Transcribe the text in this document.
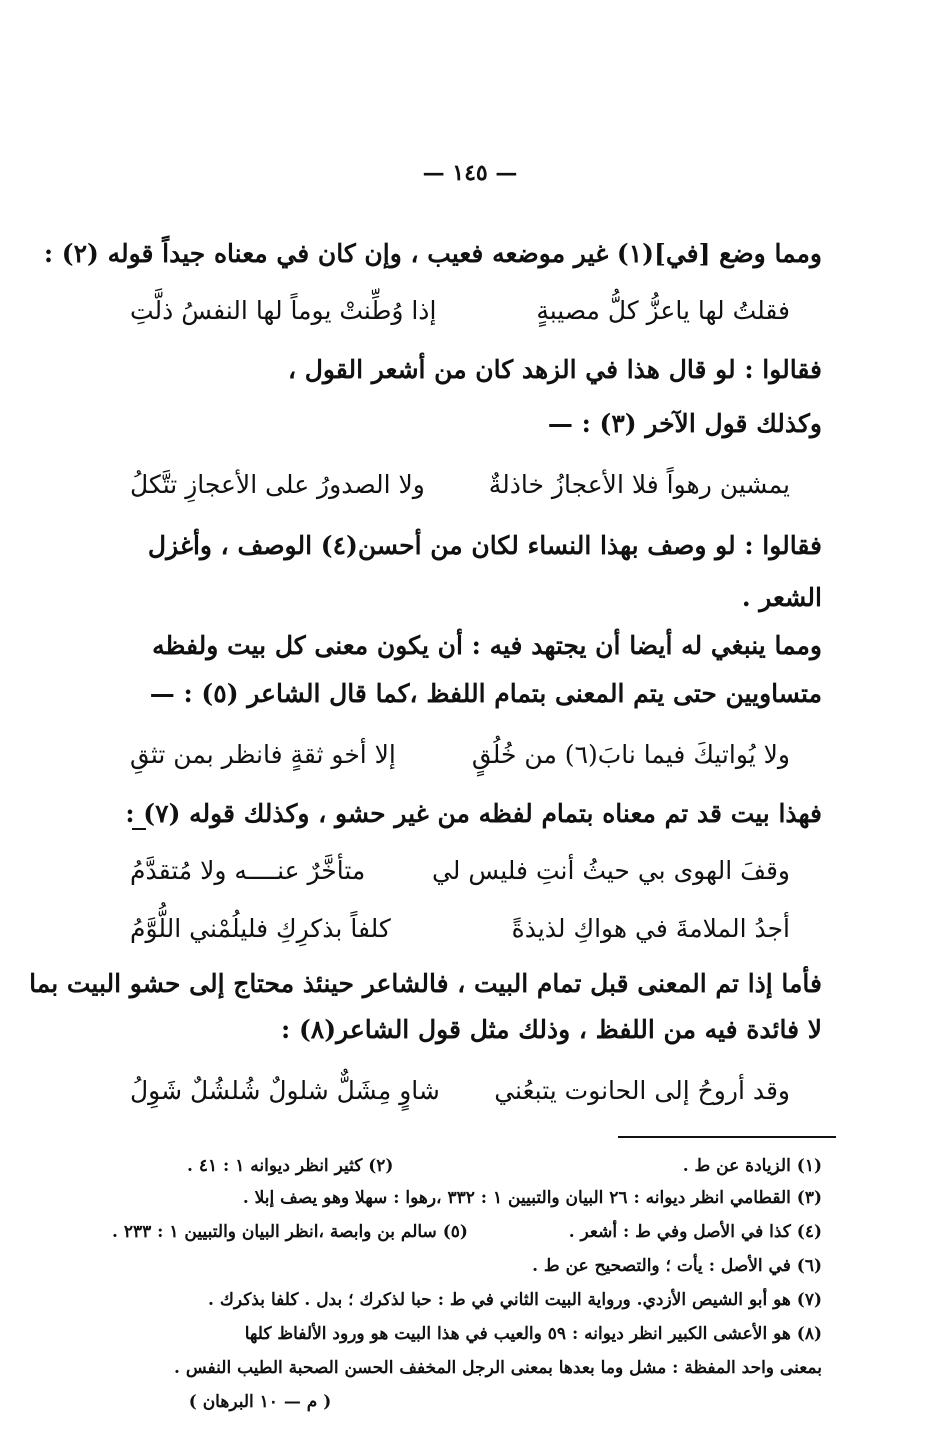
— ١٤٥ —
ومما وضع [في](١) غير موضعه فعيب ، وإن كان في معناه جيداً قوله (٢) :
فقلتُ لها ياعزُّ كلُّ مصيبةٍ
إذا وُطِّنتْ يوماً لها النفسُ ذلَّتِ
فقالوا : لو قال هذا في الزهد كان من أشعر القول ،
وكذلك قول الآخر (٣) : —
يمشين رهواً فلا الأعجازُ خاذلةٌ
ولا الصدورُ على الأعجازِ تتَّكلُ
فقالوا : لو وصف بهذا النساء لكان من أحسن(٤) الوصف ، وأغزل
الشعر .
ومما ينبغي له أيضا أن يجتهد فيه : أن يكون معنى كل بيت ولفظه
متساويين حتى يتم المعنى بتمام اللفظ ،كما قال الشاعر (٥) : —
ولا يُواتيكَ فيما نابَ(٦) من خُلُقٍ
إلا أخو ثقةٍ فانظر بمن تثقِ
فهذا بيت قد تم معناه بتمام لفظه من غير حشو ، وكذلك قوله (٧) :
وقفَ الهوى بي حيثُ أنتِ فليس لي
متأخَّرٌ عنــــه ولا مُتقدَّمُ
أجدُ الملامةَ في هواكِ لذيذةً
كلفاً بذكرِكِ فليلُمْني اللُّوَّمُ
فأما إذا تم المعنى قبل تمام البيت ، فالشاعر حينئذ محتاج إلى حشو البيت بما
لا فائدة فيه من اللفظ ، وذلك مثل قول الشاعر(٨) :
وقد أروحُ إلى الحانوت يتبعُني
شاوٍ مِشَلٌّ شلولٌ شُلشُلٌ شَوِلُ
(١) الزيادة عن ط .
(٢) كثير انظر ديوانه ١ : ٤١ .
(٣) القطامي انظر ديوانه : ٢٦ البيان والتبيين ١ : ٣٣٢ ،رهوا : سهلا وهو يصف إبلا .
(٤) كذا في الأصل وفي ط : أشعر .
(٥) سالم بن وابصة ،انظر البيان والتبيين ١ : ٢٣٣ .
(٦) في الأصل : يأت ؛ والتصحيح عن ط .
(٧) هو أبو الشيص الأزدي. ورواية البيت الثاني في ط : حبا لذكرك ؛ بدل . كلفا بذكرك .
(٨) هو الأعشى الكبير انظر ديوانه : ٥٩ والعيب في هذا البيت هو ورود الألفاظ كلها
بمعنى واحد المفظة : مشل وما بعدها بمعنى الرجل المخفف الحسن الصحبة الطيب النفس .
( م — ١٠ البرهان )
